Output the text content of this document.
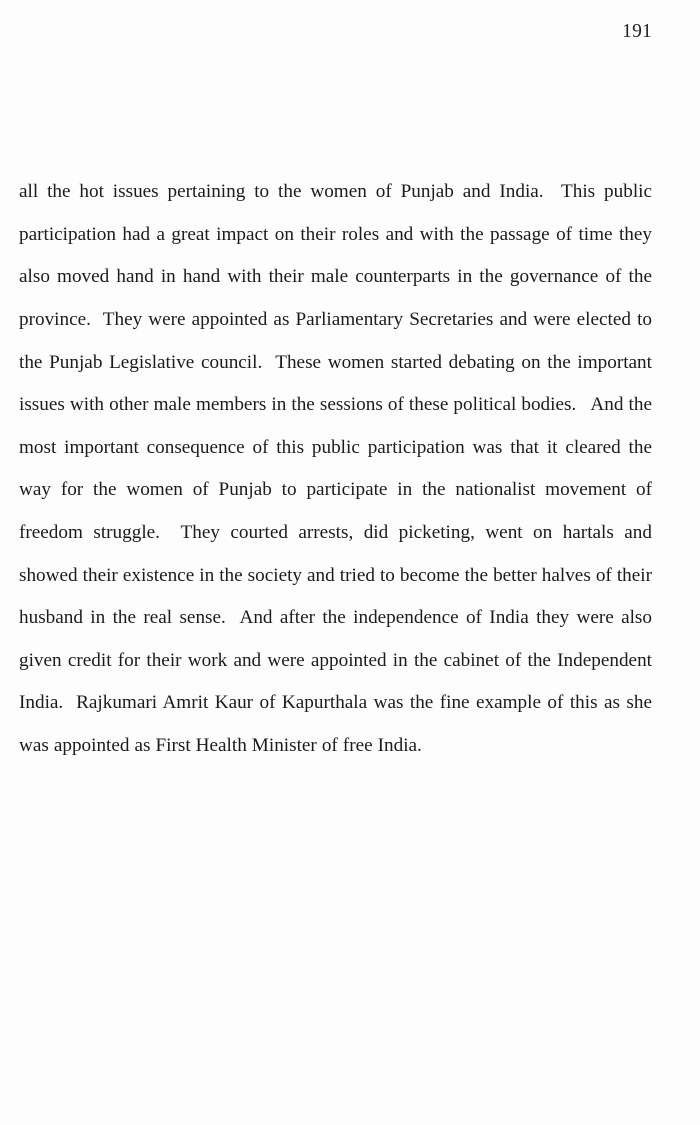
191

all the hot issues pertaining to the women of Punjab and India.  This public participation had a great impact on their roles and with the passage of time they also moved hand in hand with their male counterparts in the governance of the province.  They were appointed as Parliamentary Secretaries and were elected to the Punjab Legislative council.  These women started debating on the important issues with other male members in the sessions of these political bodies.   And the most important consequence of this public participation was that it cleared the way for the women of Punjab to participate in the nationalist movement of freedom struggle.  They courted arrests, did picketing, went on hartals and showed their existence in the society and tried to become the better halves of their husband in the real sense.  And after the independence of India they were also given credit for their work and were appointed in the cabinet of the Independent India.  Rajkumari Amrit Kaur of Kapurthala was the fine example of this as she was appointed as First Health Minister of free India.
